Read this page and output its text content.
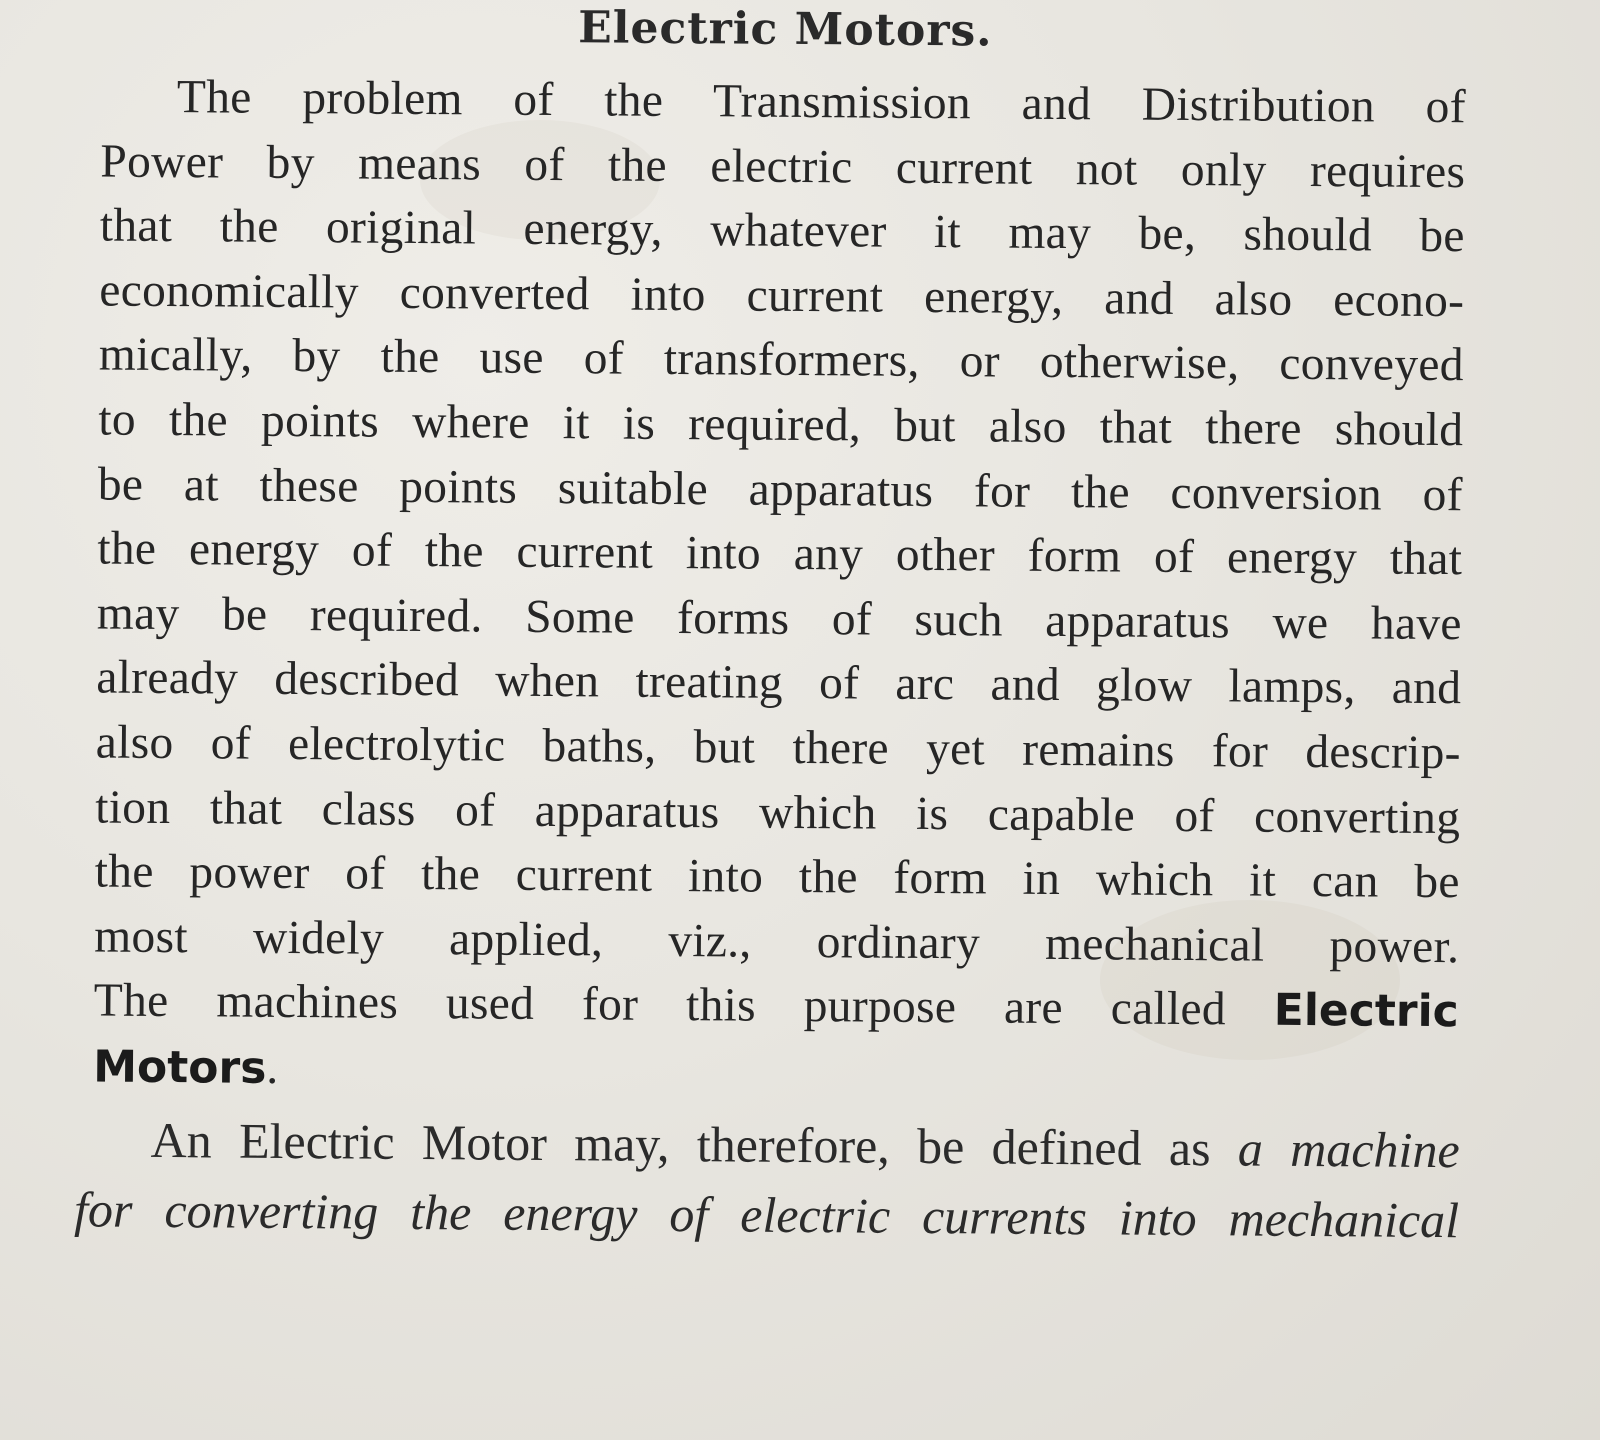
Electric Motors.
The problem of the Transmission and Distribution of
Power by means of the electric current not only requires
that the original energy, whatever it may be, should be
economically converted into current energy, and also econo-
mically, by the use of transformers, or otherwise, conveyed
to the points where it is required, but also that there should
be at these points suitable apparatus for the conversion of
the energy of the current into any other form of energy that
may be required. Some forms of such apparatus we have
already described when treating of arc and glow lamps, and
also of electrolytic baths, but there yet remains for descrip-
tion that class of apparatus which is capable of converting
the power of the current into the form in which it can be
most widely applied, viz., ordinary mechanical power.
The machines used for this purpose are called Electric
Motors.
An Electric Motor may, therefore, be defined as a machine
for converting the energy of electric currents into mechanical
